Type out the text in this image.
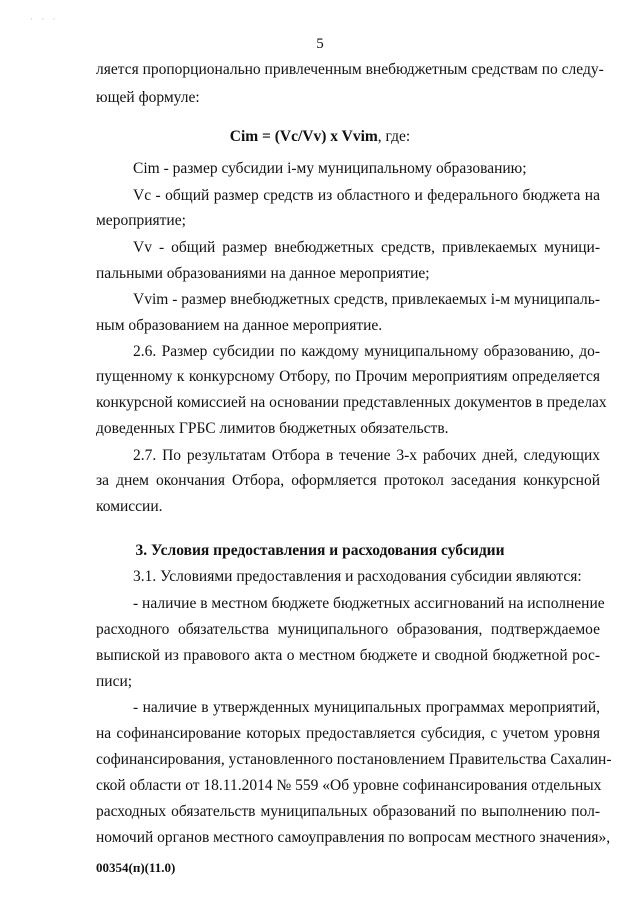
· · ·
5
ляется пропорционально привлеченным внебюджетным средствам по следу-
ющей формуле:
Cim = (Vc/Vv) x Vvim, где:
Cim - размер субсидии i-му муниципальному образованию;
Vc - общий размер средств из областного и федерального бюджета на
мероприятие;
Vv - общий размер внебюджетных средств, привлекаемых муници-
пальными образованиями на данное мероприятие;
Vvim - размер внебюджетных средств, привлекаемых i-м муниципаль-
ным образованием на данное мероприятие.
2.6. Размер субсидии по каждому муниципальному образованию, до-
пущенному к конкурсному Отбору, по Прочим мероприятиям определяется
конкурсной комиссией на основании представленных документов в пределах
доведенных ГРБС лимитов бюджетных обязательств.
2.7. По результатам Отбора в течение 3-х рабочих дней, следующих
за днем окончания Отбора, оформляется протокол заседания конкурсной
комиссии.
3. Условия предоставления и расходования субсидии
3.1. Условиями предоставления и расходования субсидии являются:
- наличие в местном бюджете бюджетных ассигнований на исполнение
расходного обязательства муниципального образования, подтверждаемое
выпиской из правового акта о местном бюджете и сводной бюджетной рос-
писи;
- наличие в утвержденных муниципальных программах мероприятий,
на софинансирование которых предоставляется субсидия, с учетом уровня
софинансирования, установленного постановлением Правительства Сахалин-
ской области от 18.11.2014 № 559 «Об уровне софинансирования отдельных
расходных обязательств муниципальных образований по выполнению пол-
номочий органов местного самоуправления по вопросам местного значения»,
00354(п)(11.0)
